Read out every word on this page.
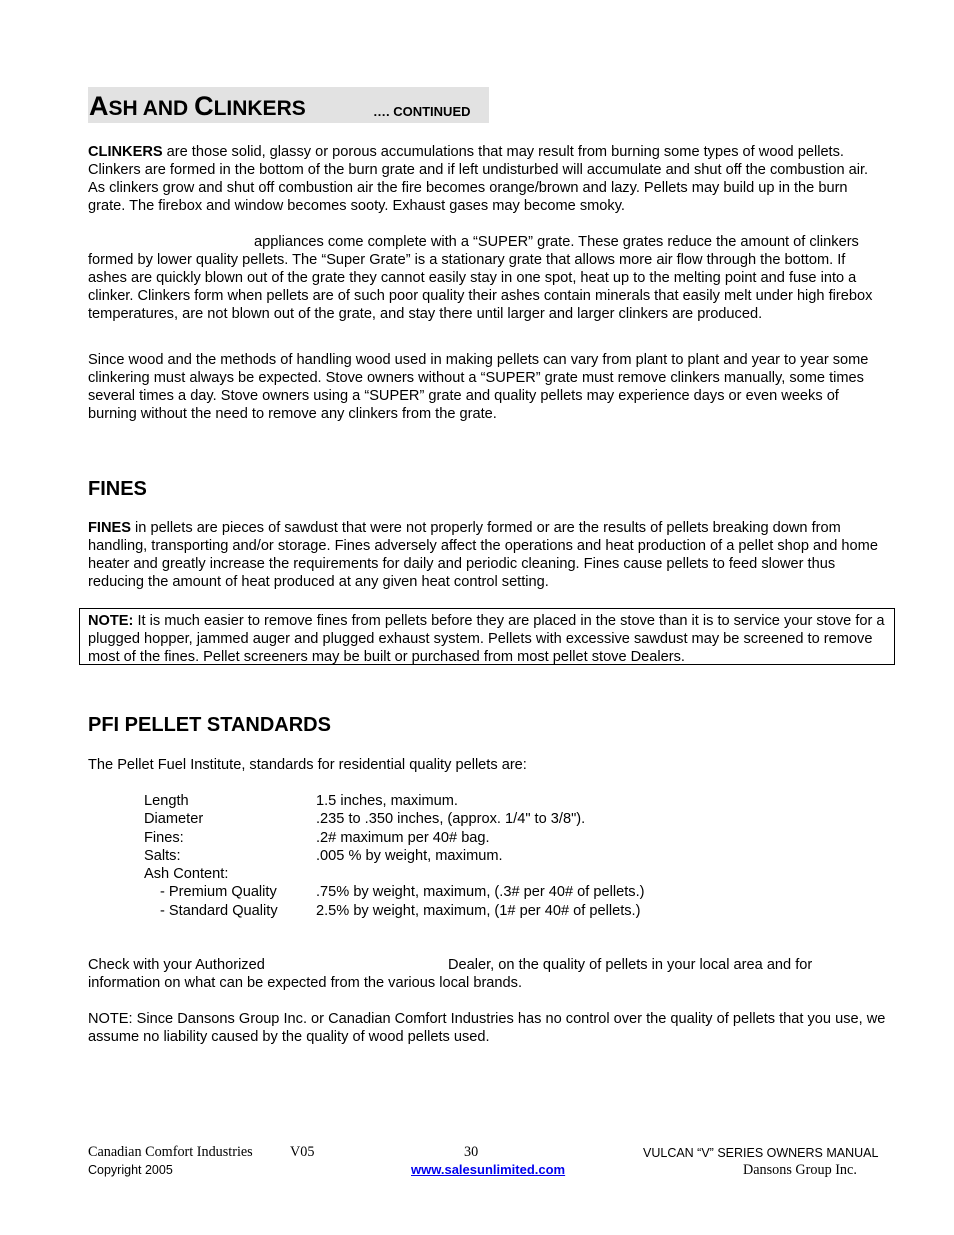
ASH AND CLINKERS	…. CONTINUED
CLINKERS are those solid, glassy or porous accumulations that may result from burning some types of wood pellets. Clinkers are formed in the bottom of the burn grate and if left undisturbed will accumulate and shut off the combustion air. As clinkers grow and shut off combustion air the fire becomes orange/brown and lazy. Pellets may build up in the burn grate. The firebox and window becomes sooty. Exhaust gases may become smoky.
appliances come complete with a “SUPER” grate. These grates reduce the amount of clinkers formed by lower quality pellets. The “Super Grate” is a stationary grate that allows more air flow through the bottom. If ashes are quickly blown out of the grate they cannot easily stay in one spot, heat up to the melting point and fuse into a clinker. Clinkers form when pellets are of such poor quality their ashes contain minerals that easily melt under high firebox temperatures, are not blown out of the grate, and stay there until larger and larger clinkers are produced.
Since wood and the methods of handling wood used in making pellets can vary from plant to plant and year to year some clinkering must always be expected. Stove owners without a “SUPER” grate must remove clinkers manually, some times several times a day. Stove owners using a “SUPER” grate and quality pellets may experience days or even weeks of burning without the need to remove any clinkers from the grate.
FINES
FINES in pellets are pieces of sawdust that were not properly formed or are the results of pellets breaking down from handling, transporting and/or storage. Fines adversely affect the operations and heat production of a pellet shop and home heater and greatly increase the requirements for daily and periodic cleaning. Fines cause pellets to feed slower thus reducing the amount of heat produced at any given heat control setting.
NOTE: It is much easier to remove fines from pellets before they are placed in the stove than it is to service your stove for a plugged hopper, jammed auger and plugged exhaust system. Pellets with excessive sawdust may be screened to remove most of the fines. Pellet screeners may be built or purchased from most pellet stove Dealers.
PFI PELLET STANDARDS
The Pellet Fuel Institute, standards for residential quality pellets are:
Length	1.5 inches, maximum.
Diameter	.235 to .350 inches, (approx. 1/4" to 3/8").
Fines:	.2# maximum per 40# bag.
Salts:	.005 % by weight, maximum.
Ash Content:
- Premium Quality	.75% by weight, maximum, (.3# per 40# of pellets.)
- Standard Quality	2.5% by weight, maximum, (1# per 40# of pellets.)
Check with your Authorized	Dealer, on the quality of pellets in your local area and for
information on what can be expected from the various local brands.
NOTE: Since Dansons Group Inc. or Canadian Comfort Industries has no control over the quality of pellets that you use, we assume no liability caused by the quality of wood pellets used.
Canadian Comfort Industries	V05
Copyright 2005
30
www.salesunlimited.com
VULCAN “V” SERIES OWNERS MANUAL
Dansons Group Inc.
